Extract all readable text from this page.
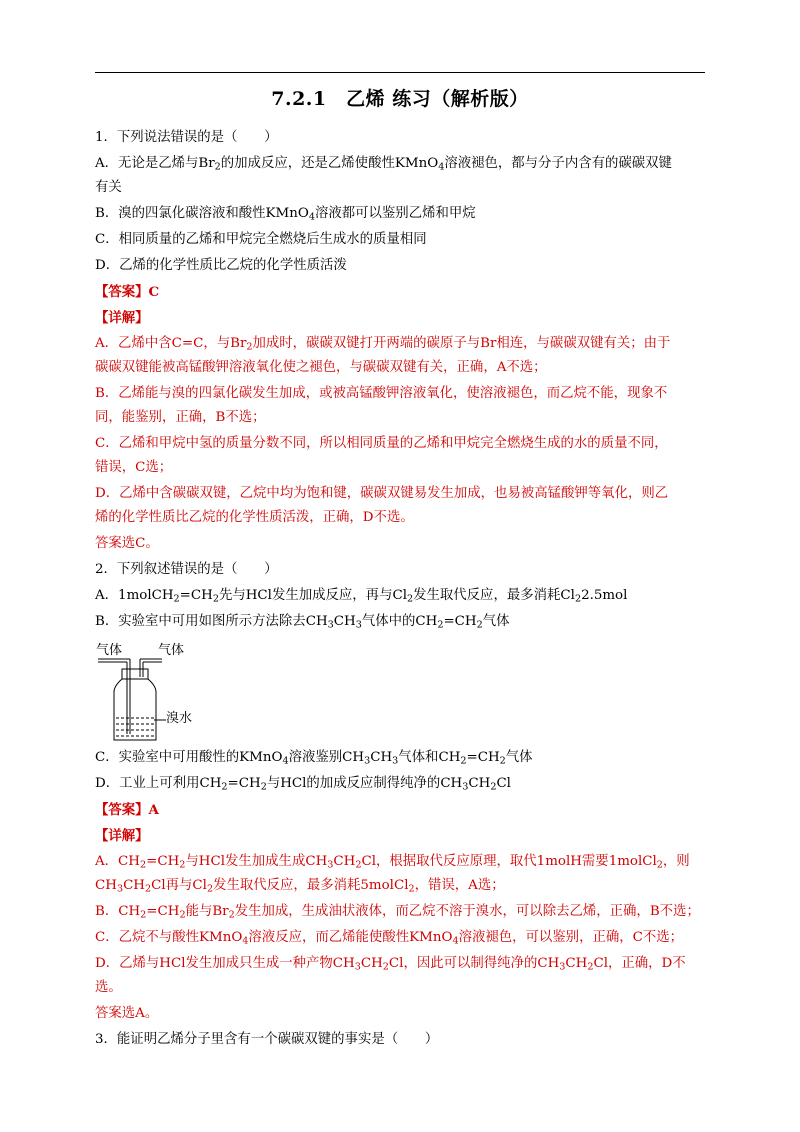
7.2.1　乙烯 练习（解析版）
1．下列说法错误的是（　　）
A．无论是乙烯与$Br_2$的加成反应，还是乙烯使酸性KMnO$_4$溶液褪色，都与分子内含有的碳碳双键
有关
B．溴的四氯化碳溶液和酸性KMnO$_4$溶液都可以鉴别乙烯和甲烷
C．相同质量的乙烯和甲烷完全燃烧后生成水的质量相同
D．乙烯的化学性质比乙烷的化学性质活泼
【答案】C
【详解】
A．乙烯中含C=C，与$Br_2$加成时，碳碳双键打开两端的碳原子与Br相连，与碳碳双键有关；由于
碳碳双键能被高锰酸钾溶液氧化使之褪色，与碳碳双键有关，正确，A不选；
B．乙烯能与溴的四氯化碳发生加成，或被高锰酸钾溶液氧化，使溶液褪色，而乙烷不能，现象不
同，能鉴别，正确，B不选；
C．乙烯和甲烷中氢的质量分数不同，所以相同质量的乙烯和甲烷完全燃烧生成的水的质量不同，
错误，C选；
D．乙烯中含碳碳双键，乙烷中均为饱和键，碳碳双键易发生加成，也易被高锰酸钾等氧化，则乙
烯的化学性质比乙烷的化学性质活泼，正确，D不选。
答案选C。
2．下列叙述错误的是（　　）
A．$1molCH_2=CH_2$先与HCl发生加成反应，再与$Cl_2$发生取代反应，最多消耗$Cl_22.5mol$
B．实验室中可用如图所示方法除去$CH_3CH_3$气体中的$CH_2=CH_2$气体
气体	气体
溴水
C．实验室中可用酸性的KMnO$_4$溶液鉴别$CH_3CH_3$气体和$CH_2=CH_2$气体
D．工业上可利用$CH_2=CH_2$与HCl的加成反应制得纯净的$CH_3CH_2Cl$
【答案】A
【详解】
A．$CH_2=CH_2$与HCl发生加成生成$CH_3CH_2Cl$，根据取代反应原理，取代1molH需要1molCl$_2$，则
$CH_3CH_2Cl$再与$Cl_2$发生取代反应，最多消耗5molCl$_2$，错误，A选；
B．$CH_2=CH_2$能与$Br_2$发生加成，生成油状液体，而乙烷不溶于溴水，可以除去乙烯，正确，B不选；
C．乙烷不与酸性KMnO$_4$溶液反应，而乙烯能使酸性KMnO$_4$溶液褪色，可以鉴别，正确，C不选；
D．乙烯与HCl发生加成只生成一种产物$CH_3CH_2Cl$，因此可以制得纯净的$CH_3CH_2Cl$，正确，D不
选。
答案选A。
3．能证明乙烯分子里含有一个碳碳双键的事实是（　　）
